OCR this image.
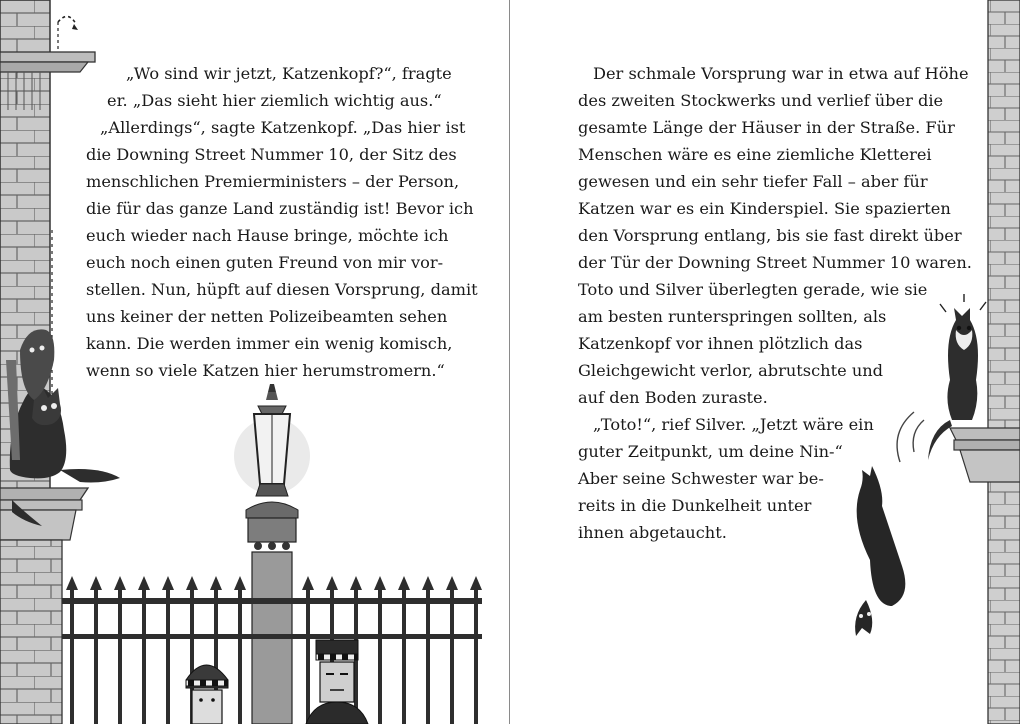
„Wo sind wir jetzt, Katzenkopf?“, fragte
er. „Das sieht hier ziemlich wichtig aus.“
„Allerdings“, sagte Katzenkopf. „Das hier ist
die Downing Street Nummer 10, der Sitz des
menschlichen Premierministers – der Person,
die für das ganze Land zuständig ist! Bevor ich
euch wieder nach Hause bringe, möchte ich
euch noch einen guten Freund von mir vor-
stellen. Nun, hüpft auf diesen Vorsprung, damit
uns keiner der netten Polizeibeamten sehen
kann. Die werden immer ein wenig komisch,
wenn so viele Katzen hier herumstromern.“
Der schmale Vorsprung war in etwa auf Höhe
des zweiten Stockwerks und verlief über die
gesamte Länge der Häuser in der Straße. Für
Menschen wäre es eine ziemliche Kletterei
gewesen und ein sehr tiefer Fall – aber für
Katzen war es ein Kinderspiel. Sie spazierten
den Vorsprung entlang, bis sie fast direkt über
der Tür der Downing Street Nummer 10 waren.
Toto und Silver überlegten gerade, wie sie
am besten runterspringen sollten, als
Katzenkopf vor ihnen plötzlich das
Gleichgewicht verlor, abrutschte und
auf den Boden zuraste.
„Toto!“, rief Silver. „Jetzt wäre ein
guter Zeitpunkt, um deine Nin-“
Aber seine Schwester war be-
reits in die Dunkelheit unter
ihnen abgetaucht.
